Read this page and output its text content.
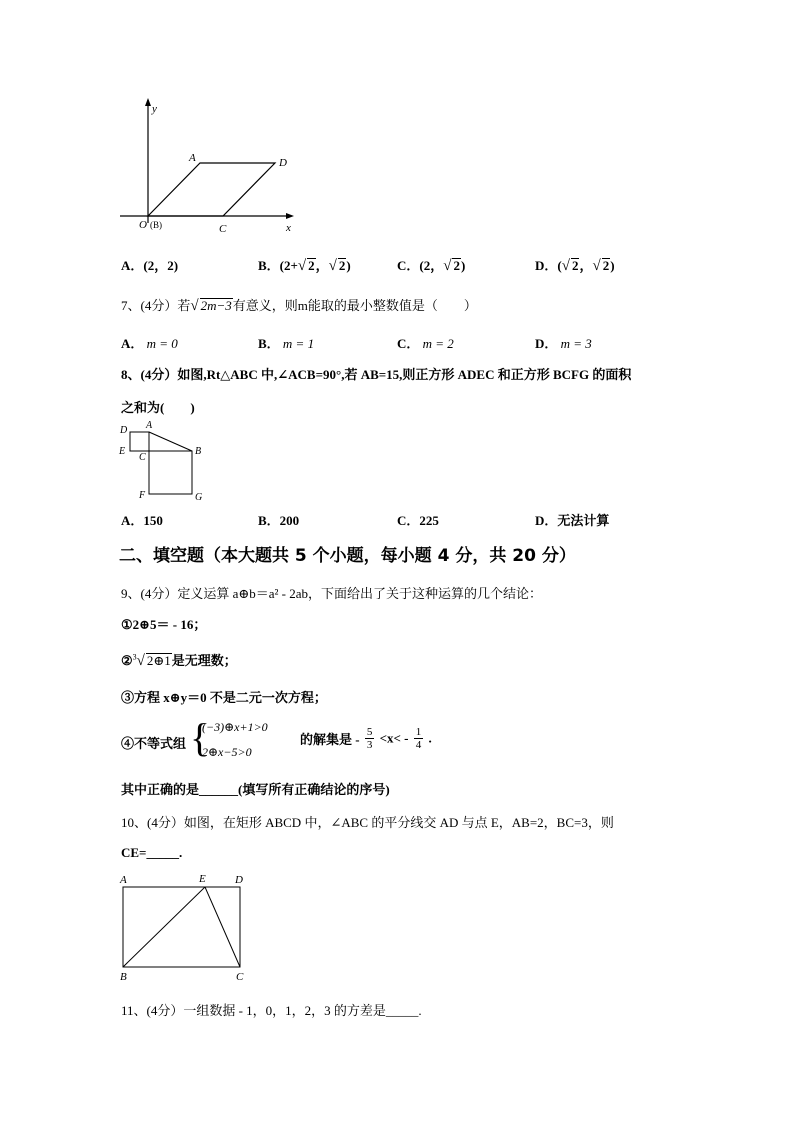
y
x
A	D
O (B)	C
A．(2，2)	B．(2+√ 2，√ 2)	C．(2，√ 2)	D．(√ 2，√ 2)
7、(4分）若√ 2m−3有意义，则m能取的最小整数值是（　　）
A． m = 0	B． m = 1	C． m = 2	D． m = 3
8、(4分）如图,Rt△ABC 中,∠ACB=90°,若 AB=15,则正方形 ADEC 和正方形 BCFG 的面积
之和为(　　)
D A
E
C
B
F	G
A．150	B．200	C．225	D．无法计算
二、填空题（本大题共 5 个小题，每小题 4 分，共 20 分）
9、(4分）定义运算 a⊕b＝a² - 2ab，下面给出了关于这种运算的几个结论：
①2⊕5＝ - 16；
②$^3$√ 2⊕1是无理数；
③方程 x⊕y＝0 不是二元一次方程；
④不等式组 {
(−3)⊕x+1>0
2⊕x−5>0
的解集是 - $\frac{5}{3} <x< - \frac{1}{4}$ .
其中正确的是______(填写所有正确结论的序号)
10、(4分）如图，在矩形 ABCD 中，∠ABC 的平分线交 AD 与点 E，AB=2，BC=3，则
CE=_____.
A	E	D
B	C
11、(4分）一组数据 - 1，0，1，2，3 的方差是_____.
